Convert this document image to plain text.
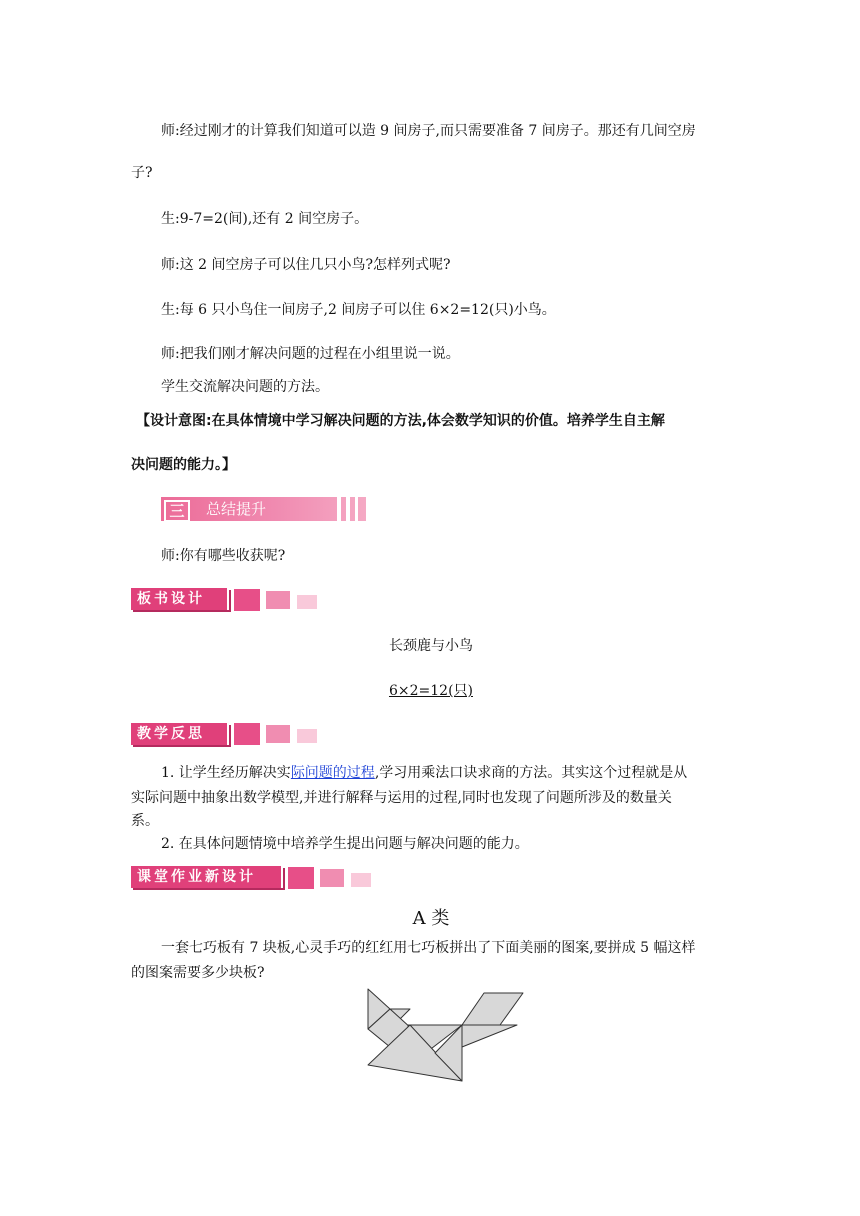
师:经过刚才的计算我们知道可以造 9 间房子,而只需要准备 7 间房子。那还有几间空房
子?
生:9-7=2(间),还有 2 间空房子。
师:这 2 间空房子可以住几只小鸟?怎样列式呢?
生:每 6 只小鸟住一间房子,2 间房子可以住 6×2=12(只)小鸟。
师:把我们刚才解决问题的过程在小组里说一说。
学生交流解决问题的方法。
【设计意图:在具体情境中学习解决问题的方法,体会数学知识的价值。培养学生自主解
决问题的能力。】
三	总结提升
师:你有哪些收获呢?
板书设计
长颈鹿与小鸟
6×2=12(只)
教学反思
1. 让学生经历解决实际问题的过程,学习用乘法口诀求商的方法。其实这个过程就是从
实际问题中抽象出数学模型,并进行解释与运用的过程,同时也发现了问题所涉及的数量关
系。
2. 在具体问题情境中培养学生提出问题与解决问题的能力。
课堂作业新设计
A 类
一套七巧板有 7 块板,心灵手巧的红红用七巧板拼出了下面美丽的图案,要拼成 5 幅这样
的图案需要多少块板?
